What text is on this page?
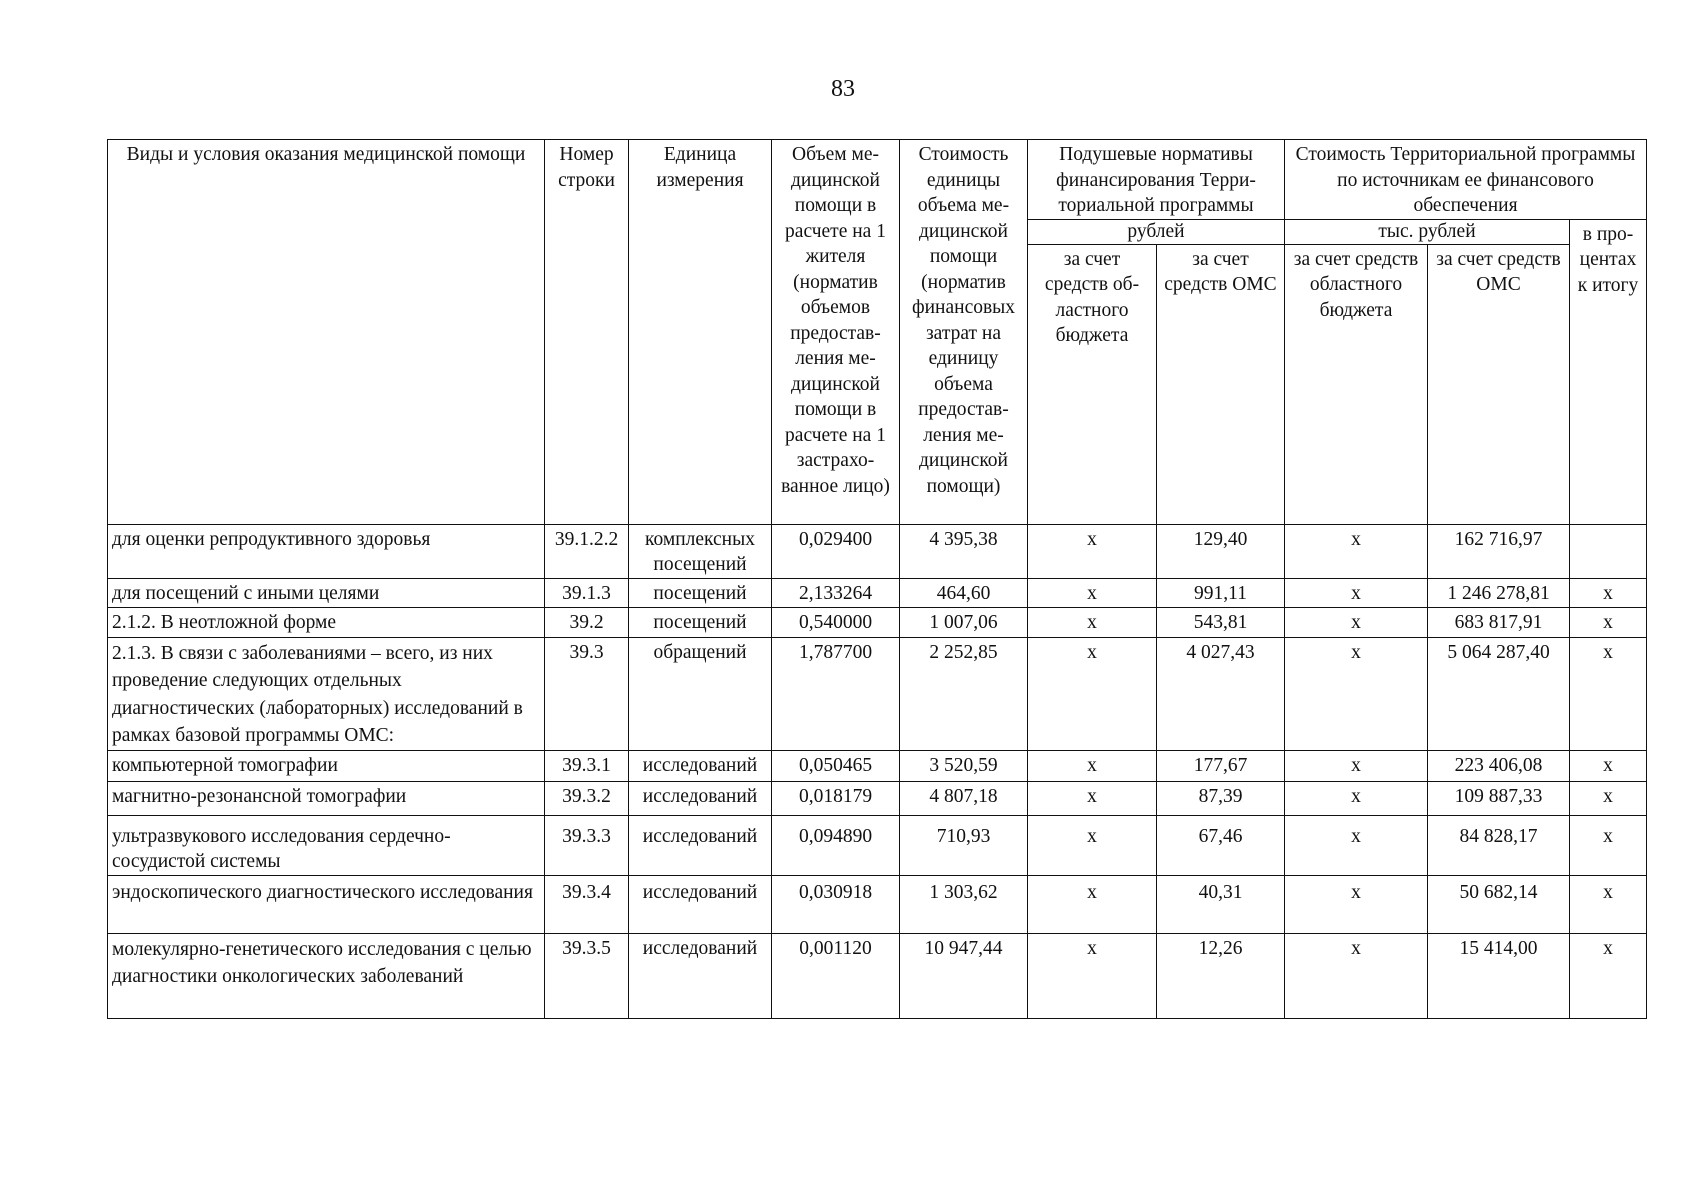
83
Виды и условия оказания медицинской помощи	Номер строки	Единица измерения	Объем медицинской помощи в расчете на 1 жителя (норматив объемов предоставления медицинской помощи в расчете на 1 застрахованное лицо)	Стоимость единицы объема медицинской помощи (норматив финансовых затрат на единицу объема предоставления медицинской помощи)	Подушевые нормативы финансирования Территориальной программы		Стоимость Территориальной программы по источникам ее финансового обеспечения		
					рублей		тыс. рублей		в процентах к итогу
					за счет средств областного бюджета	за счет средств ОМС	за счет средств областного бюджета	за счет средств ОМС	
для оценки репродуктивного здоровья	39.1.2.2	комплексных посещений	0,029400	4 395,38	х	129,40	х	162 716,97	
для посещений с иными целями	39.1.3	посещений	2,133264	464,60	х	991,11	х	1 246 278,81	х
2.1.2. В неотложной форме	39.2	посещений	0,540000	1 007,06	х	543,81	х	683 817,91	х
2.1.3. В связи с заболеваниями – всего, из них проведение следующих отдельных диагностических (лабораторных) исследований в рамках базовой программы ОМС:	39.3	обращений	1,787700	2 252,85	х	4 027,43	х	5 064 287,40	х
компьютерной томографии	39.3.1	исследований	0,050465	3 520,59	х	177,67	х	223 406,08	х
магнитно-резонансной томографии	39.3.2	исследований	0,018179	4 807,18	х	87,39	х	109 887,33	х
ультразвукового исследования сердечно-сосудистой системы	39.3.3	исследований	0,094890	710,93	х	67,46	х	84 828,17	х
эндоскопического диагностического исследования	39.3.4	исследований	0,030918	1 303,62	х	40,31	х	50 682,14	х
молекулярно-генетического исследования с целью диагностики онкологических заболеваний	39.3.5	исследований	0,001120	10 947,44	х	12,26	х	15 414,00	х
